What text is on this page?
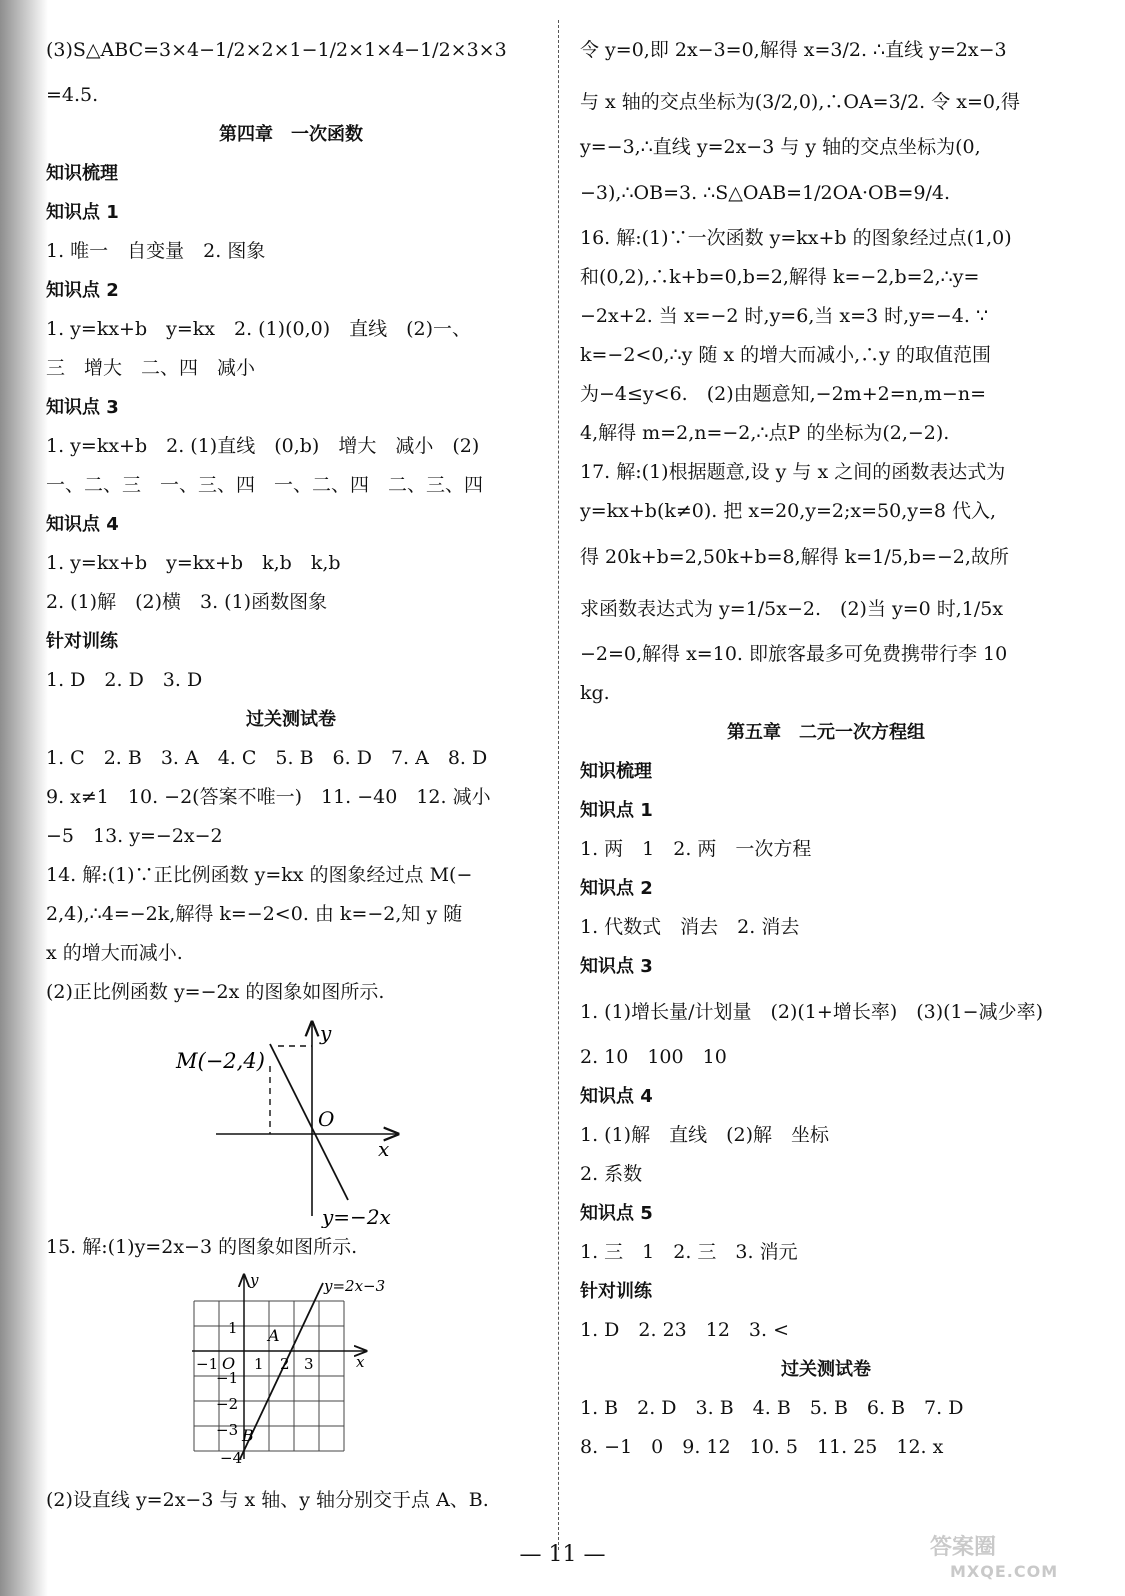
(3)S△ABC=3×4−1/2×2×1−1/2×1×4−1/2×3×3
=4.5.
第四章　一次函数
知识梳理
知识点 1
1. 唯一　自变量　2. 图象
知识点 2
1. y=kx+b　y=kx　2. (1)(0,0)　直线　(2)一、
三　增大　二、四　减小
知识点 3
1. y=kx+b　2. (1)直线　(0,b)　增大　减小　(2)
一、二、三　一、三、四　一、二、四　二、三、四
知识点 4
1. y=kx+b　y=kx+b　k,b　k,b
2. (1)解　(2)横　3. (1)函数图象
针对训练
1. D　2. D　3. D
过关测试卷
1. C　2. B　3. A　4. C　5. B　6. D　7. A　8. D
9. x≠1　10. −2(答案不唯一)　11. −40　12. 减小
−5　13. y=−2x−2
14. 解:(1)∵正比例函数 y=kx 的图象经过点 M(−
2,4),∴4=−2k,解得 k=−2<0. 由 k=−2,知 y 随
x 的增大而减小.
(2)正比例函数 y=−2x 的图象如图所示.
M(−2,4)
O
x
y
y=−2x
15. 解:(1)y=2x−3 的图象如图所示.
y=2x−3
y
x
O
A
B
−1 1 2 3
1
−1
−2
−3
−4
(2)设直线 y=2x−3 与 x 轴、y 轴分别交于点 A、B.
令 y=0,即 2x−3=0,解得 x=3/2. ∴直线 y=2x−3
与 x 轴的交点坐标为(3/2,0),∴OA=3/2. 令 x=0,得
y=−3,∴直线 y=2x−3 与 y 轴的交点坐标为(0,
−3),∴OB=3. ∴S△OAB=1/2OA·OB=9/4.
16. 解:(1)∵一次函数 y=kx+b 的图象经过点(1,0)
和(0,2),∴k+b=0,b=2,解得 k=−2,b=2,∴y=
−2x+2. 当 x=−2 时,y=6,当 x=3 时,y=−4. ∵
k=−2<0,∴y 随 x 的增大而减小,∴y 的取值范围
为−4≤y<6.　(2)由题意知,−2m+2=n,m−n=
4,解得 m=2,n=−2,∴点P 的坐标为(2,−2).
17. 解:(1)根据题意,设 y 与 x 之间的函数表达式为
y=kx+b(k≠0). 把 x=20,y=2;x=50,y=8 代入,
得 20k+b=2,50k+b=8,解得 k=1/5,b=−2,故所
求函数表达式为 y=1/5x−2.　(2)当 y=0 时,1/5x
−2=0,解得 x=10. 即旅客最多可免费携带行李 10
kg.
第五章　二元一次方程组
知识梳理
知识点 1
1. 两　1　2. 两　一次方程
知识点 2
1. 代数式　消去　2. 消去
知识点 3
1. (1)增长量/计划量　(2)(1+增长率)　(3)(1−减少率)
2. 10　100　10
知识点 4
1. (1)解　直线　(2)解　坐标
2. 系数
知识点 5
1. 三　1　2. 三　3. 消元
针对训练
1. D　2. 23　12　3. <
过关测试卷
1. B　2. D　3. B　4. B　5. B　6. B　7. D
8. −1　0　9. 12　10. 5　11. 25　12. x
— 11 —	答案圈
MXQE.COM
